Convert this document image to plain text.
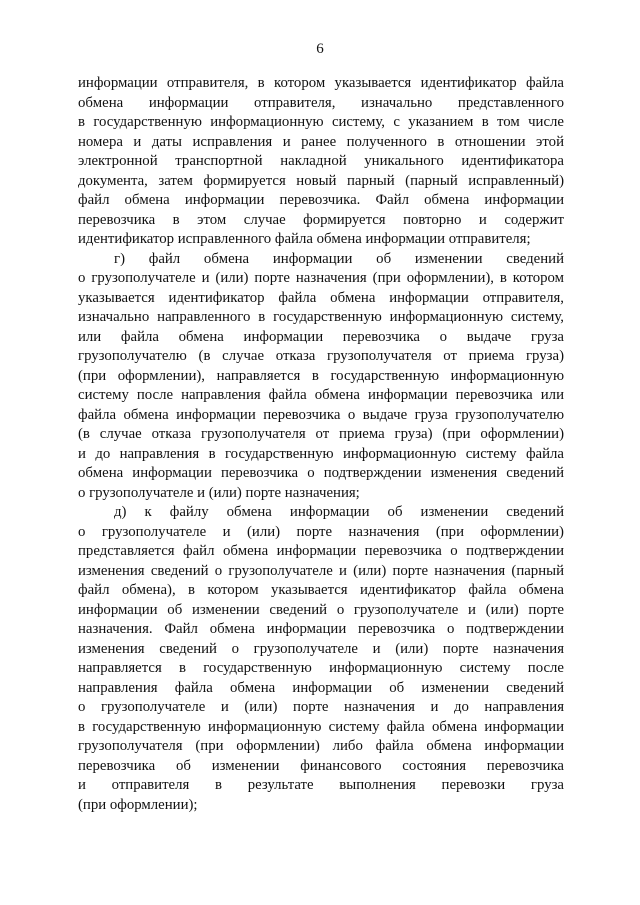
6
информации отправителя, в котором указывается идентификатор файла
обмена информации отправителя, изначально представленного
в государственную информационную систему, с указанием в том числе
номера и даты исправления и ранее полученного в отношении этой
электронной транспортной накладной уникального идентификатора
документа, затем формируется новый парный (парный исправленный)
файл обмена информации перевозчика. Файл обмена информации
перевозчика в этом случае формируется повторно и содержит
идентификатор исправленного файла обмена информации отправителя;
г) файл обмена информации об изменении сведений
о грузополучателе и (или) порте назначения (при оформлении), в котором
указывается идентификатор файла обмена информации отправителя,
изначально направленного в государственную информационную систему,
или файла обмена информации перевозчика о выдаче груза
грузополучателю (в случае отказа грузополучателя от приема груза)
(при оформлении), направляется в государственную информационную
систему после направления файла обмена информации перевозчика или
файла обмена информации перевозчика о выдаче груза грузополучателю
(в случае отказа грузополучателя от приема груза) (при оформлении)
и до направления в государственную информационную систему файла
обмена информации перевозчика о подтверждении изменения сведений
о грузополучателе и (или) порте назначения;
д) к файлу обмена информации об изменении сведений
о грузополучателе и (или) порте назначения (при оформлении)
представляется файл обмена информации перевозчика о подтверждении
изменения сведений о грузополучателе и (или) порте назначения (парный
файл обмена), в котором указывается идентификатор файла обмена
информации об изменении сведений о грузополучателе и (или) порте
назначения. Файл обмена информации перевозчика о подтверждении
изменения сведений о грузополучателе и (или) порте назначения
направляется в государственную информационную систему после
направления файла обмена информации об изменении сведений
о грузополучателе и (или) порте назначения и до направления
в государственную информационную систему файла обмена информации
грузополучателя (при оформлении) либо файла обмена информации
перевозчика об изменении финансового состояния перевозчика
и отправителя в результате выполнения перевозки груза
(при оформлении);
